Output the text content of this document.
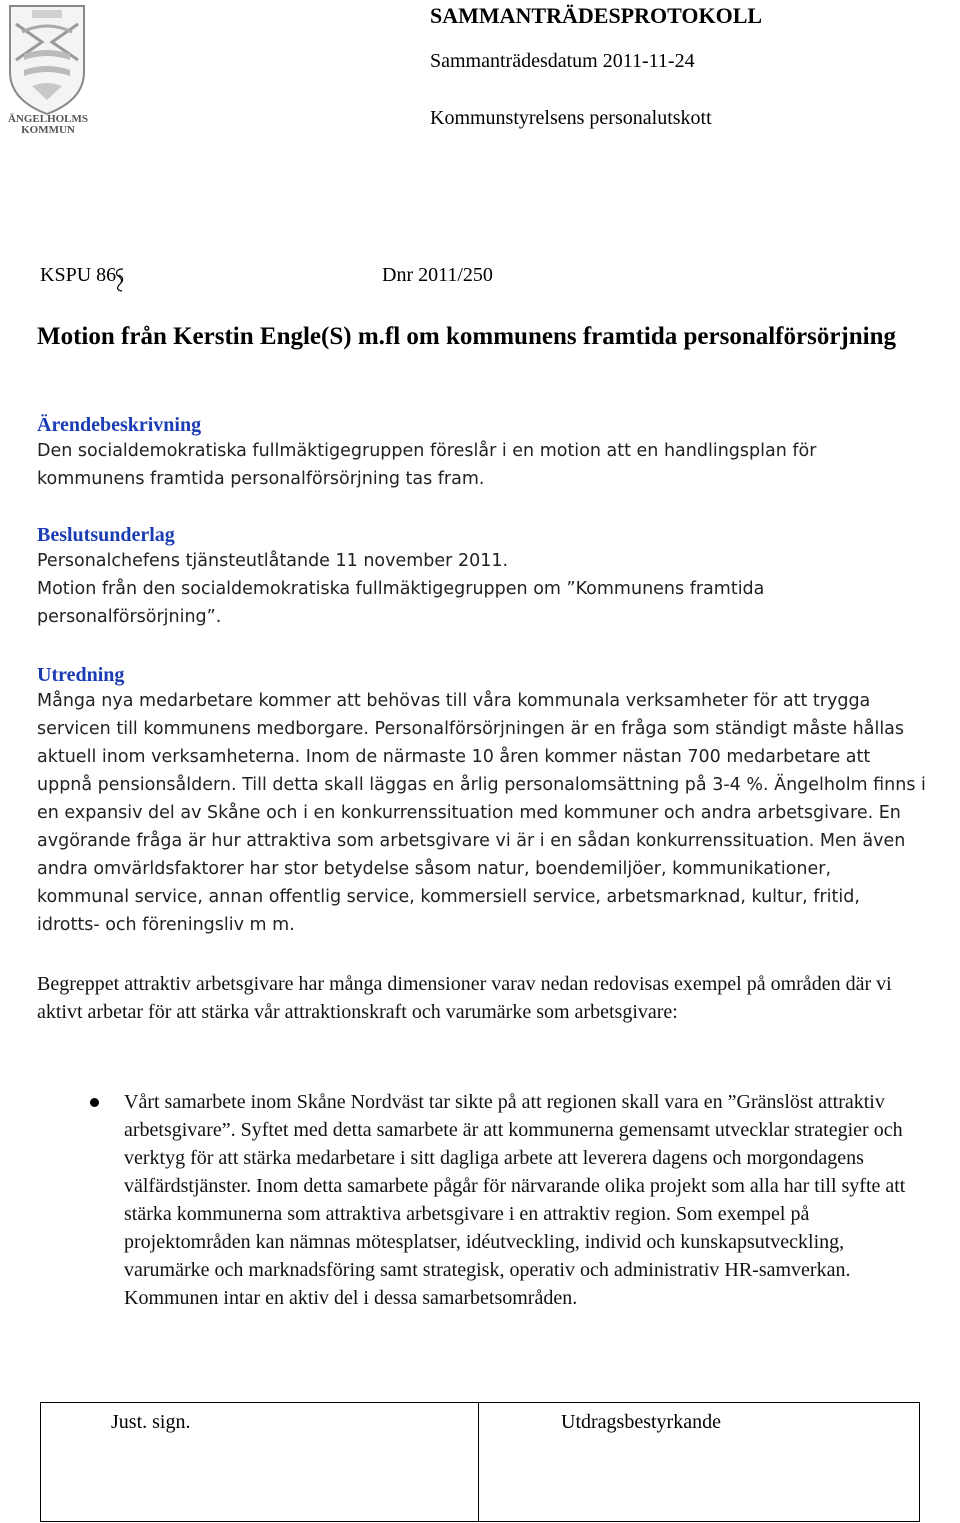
ÄNGELHOLMS KOMMUN
SAMMANTRÄDESPROTOKOLL
Sammanträdesdatum 2011-11-24
Kommunstyrelsens personalutskott
KSPU 86	Dnr 2011/250
Motion från Kerstin Engle(S) m.fl om kommunens framtida personalförsörjning
Ärendebeskrivning
Den socialdemokratiska fullmäktigegruppen föreslår i en motion att en handlingsplan för kommunens framtida personalförsörjning tas fram.
Beslutsunderlag
Personalchefens tjänsteutlåtande 11 november 2011.
Motion från den socialdemokratiska fullmäktigegruppen om ”Kommunens framtida personalförsörjning”.
Utredning
Många nya medarbetare kommer att behövas till våra kommunala verksamheter för att trygga servicen till kommunens medborgare. Personalförsörjningen är en fråga som ständigt måste hållas aktuell inom verksamheterna. Inom de närmaste 10 åren kommer nästan 700 medarbetare att uppnå pensionsåldern. Till detta skall läggas en årlig personalomsättning på 3-4 %. Ängelholm finns i en expansiv del av Skåne och i en konkurrenssituation med kommuner och andra arbetsgivare. En avgörande fråga är hur attraktiva som arbetsgivare vi är i en sådan konkurrenssituation. Men även andra omvärldsfaktorer har stor betydelse såsom natur, boendemiljöer, kommunikationer, kommunal service, annan offentlig service, kommersiell service, arbetsmarknad, kultur, fritid, idrotts- och föreningsliv m m.
Begreppet attraktiv arbetsgivare har många dimensioner varav nedan redovisas exempel på områden där vi aktivt arbetar för att stärka vår attraktionskraft och varumärke som arbetsgivare:
Vårt samarbete inom Skåne Nordväst tar sikte på att regionen skall vara en ”Gränslöst attraktiv arbetsgivare”. Syftet med detta samarbete är att kommunerna gemensamt utvecklar strategier och verktyg för att stärka medarbetare i sitt dagliga arbete att leverera dagens och morgondagens välfärdstjänster. Inom detta samarbete pågår för närvarande olika projekt som alla har till syfte att stärka kommunerna som attraktiva arbetsgivare i en attraktiv region. Som exempel på projektområden kan nämnas mötesplatser, idéutveckling, individ och kunskapsutveckling, varumärke och marknadsföring samt strategisk, operativ och administrativ HR-samverkan. Kommunen intar en aktiv del i dessa samarbetsområden.
Just. sign.	Utdragsbestyrkande
